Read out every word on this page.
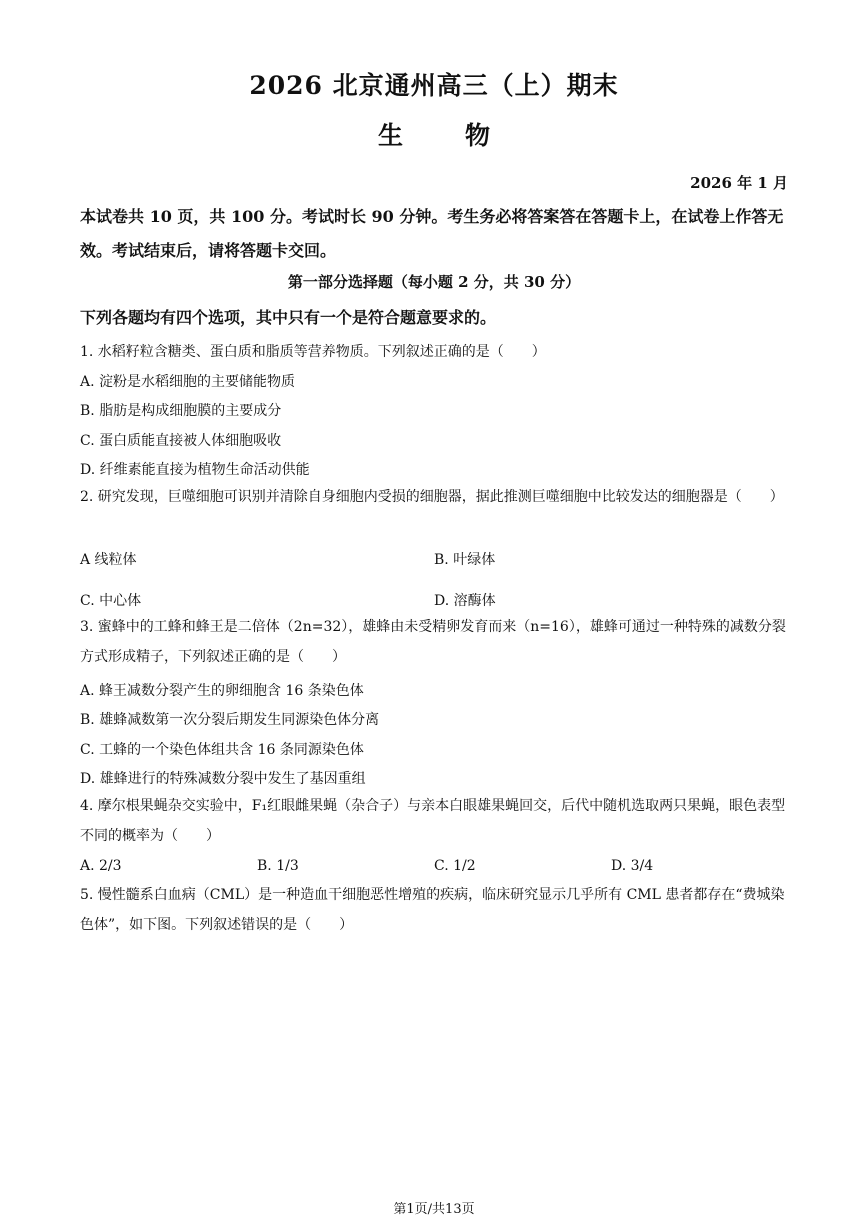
2026 北京通州高三（上）期末
生 物
2026 年 1 月
本试卷共 10 页，共 100 分。考试时长 90 分钟。考生务必将答案答在答题卡上，在试卷上作答无效。考试结束后，请将答题卡交回。
第一部分选择题（每小题 2 分，共 30 分）
下列各题均有四个选项，其中只有一个是符合题意要求的。
1. 水稻籽粒含糖类、蛋白质和脂质等营养物质。下列叙述正确的是（　　）
A. 淀粉是水稻细胞的主要储能物质
B. 脂肪是构成细胞膜的主要成分
C. 蛋白质能直接被人体细胞吸收
D. 纤维素能直接为植物生命活动供能
2. 研究发现，巨噬细胞可识别并清除自身细胞内受损的细胞器，据此推测巨噬细胞中比较发达的细胞器是（　　）
A 线粒体	B. 叶绿体
C. 中心体	D. 溶酶体
3. 蜜蜂中的工蜂和蜂王是二倍体（2n=32），雄蜂由未受精卵发育而来（n=16），雄蜂可通过一种特殊的减数分裂方式形成精子，下列叙述正确的是（　　）
A. 蜂王减数分裂产生的卵细胞含 16 条染色体
B. 雄蜂减数第一次分裂后期发生同源染色体分离
C. 工蜂的一个染色体组共含 16 条同源染色体
D. 雄蜂进行的特殊减数分裂中发生了基因重组
4. 摩尔根果蝇杂交实验中，F₁红眼雌果蝇（杂合子）与亲本白眼雄果蝇回交，后代中随机选取两只果蝇，眼色表型不同的概率为（　　）
A. 2/3	B. 1/3	C. 1/2	D. 3/4
5. 慢性髓系白血病（CML）是一种造血干细胞恶性增殖的疾病，临床研究显示几乎所有 CML 患者都存在“费城染色体”，如下图。下列叙述错误的是（　　）
第1页/共13页
